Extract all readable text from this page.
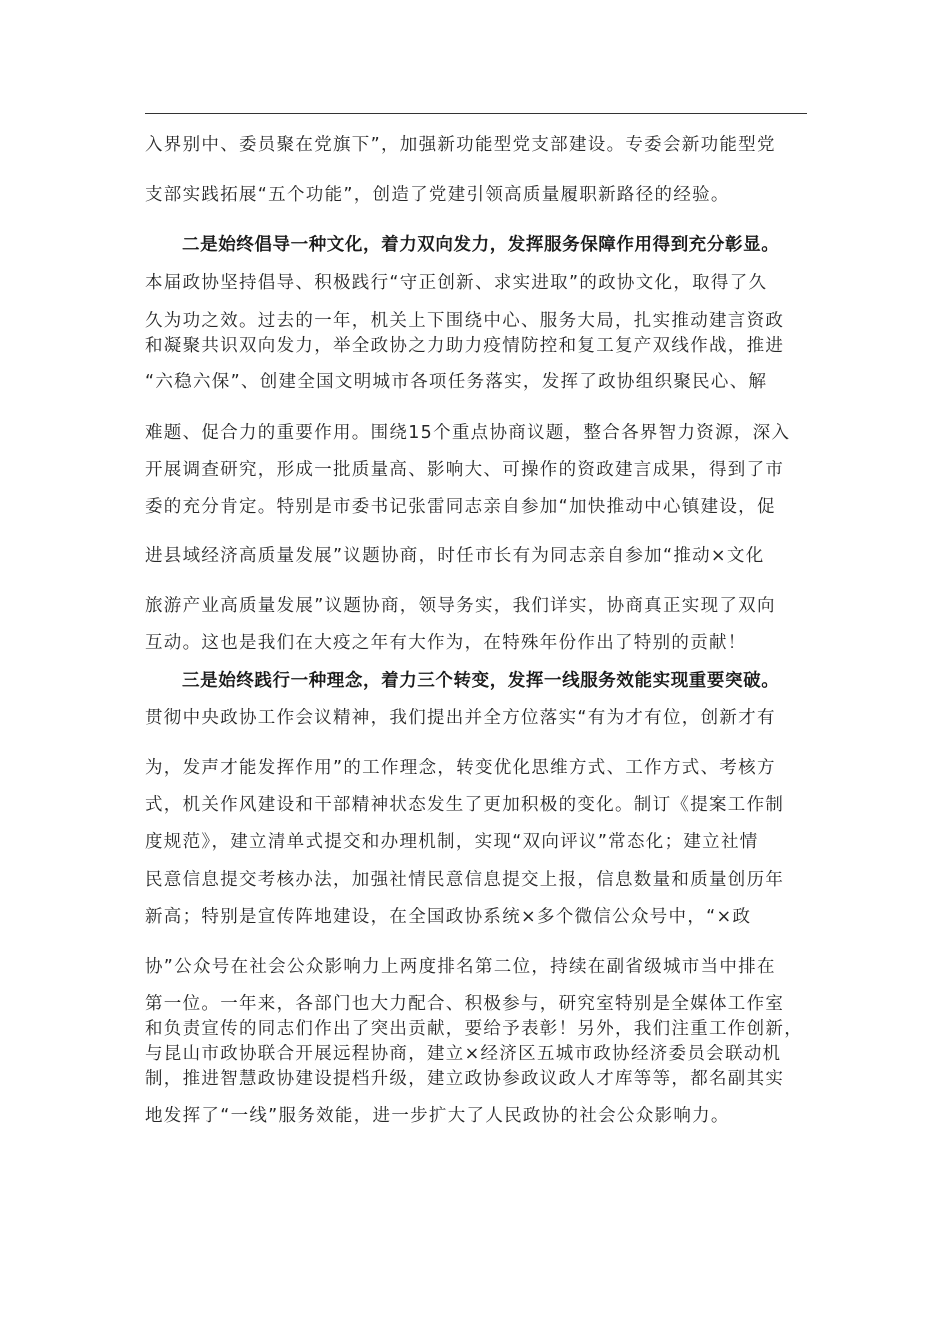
入界别中、委员聚在党旗下”，加强新功能型党支部建设。专委会新功能型党
支部实践拓展“五个功能”，创造了党建引领高质量履职新路径的经验。
二是始终倡导一种文化，着力双向发力，发挥服务保障作用得到充分彰显。
本届政协坚持倡导、积极践行“守正创新、求实进取”的政协文化，取得了久
久为功之效。过去的一年，机关上下围绕中心、服务大局，扎实推动建言资政
和凝聚共识双向发力，举全政协之力助力疫情防控和复工复产双线作战，推进
“六稳六保”、创建全国文明城市各项任务落实，发挥了政协组织聚民心、解
难题、促合力的重要作用。围绕15个重点协商议题，整合各界智力资源，深入
开展调查研究，形成一批质量高、影响大、可操作的资政建言成果，得到了市
委的充分肯定。特别是市委书记张雷同志亲自参加“加快推动中心镇建设，促
进县域经济高质量发展”议题协商，时任市长有为同志亲自参加“推动×文化
旅游产业高质量发展”议题协商，领导务实，我们详实，协商真正实现了双向
互动。这也是我们在大疫之年有大作为，在特殊年份作出了特别的贡献！
三是始终践行一种理念，着力三个转变，发挥一线服务效能实现重要突破。
贯彻中央政协工作会议精神，我们提出并全方位落实“有为才有位，创新才有
为，发声才能发挥作用”的工作理念，转变优化思维方式、工作方式、考核方
式，机关作风建设和干部精神状态发生了更加积极的变化。制订《提案工作制
度规范》，建立清单式提交和办理机制，实现“双向评议”常态化；建立社情
民意信息提交考核办法，加强社情民意信息提交上报，信息数量和质量创历年
新高；特别是宣传阵地建设，在全国政协系统×多个微信公众号中，“×政
协”公众号在社会公众影响力上两度排名第二位，持续在副省级城市当中排在
第一位。一年来，各部门也大力配合、积极参与，研究室特别是全媒体工作室
和负责宣传的同志们作出了突出贡献，要给予表彰！另外，我们注重工作创新，
与昆山市政协联合开展远程协商，建立×经济区五城市政协经济委员会联动机
制，推进智慧政协建设提档升级，建立政协参政议政人才库等等，都名副其实
地发挥了“一线”服务效能，进一步扩大了人民政协的社会公众影响力。
